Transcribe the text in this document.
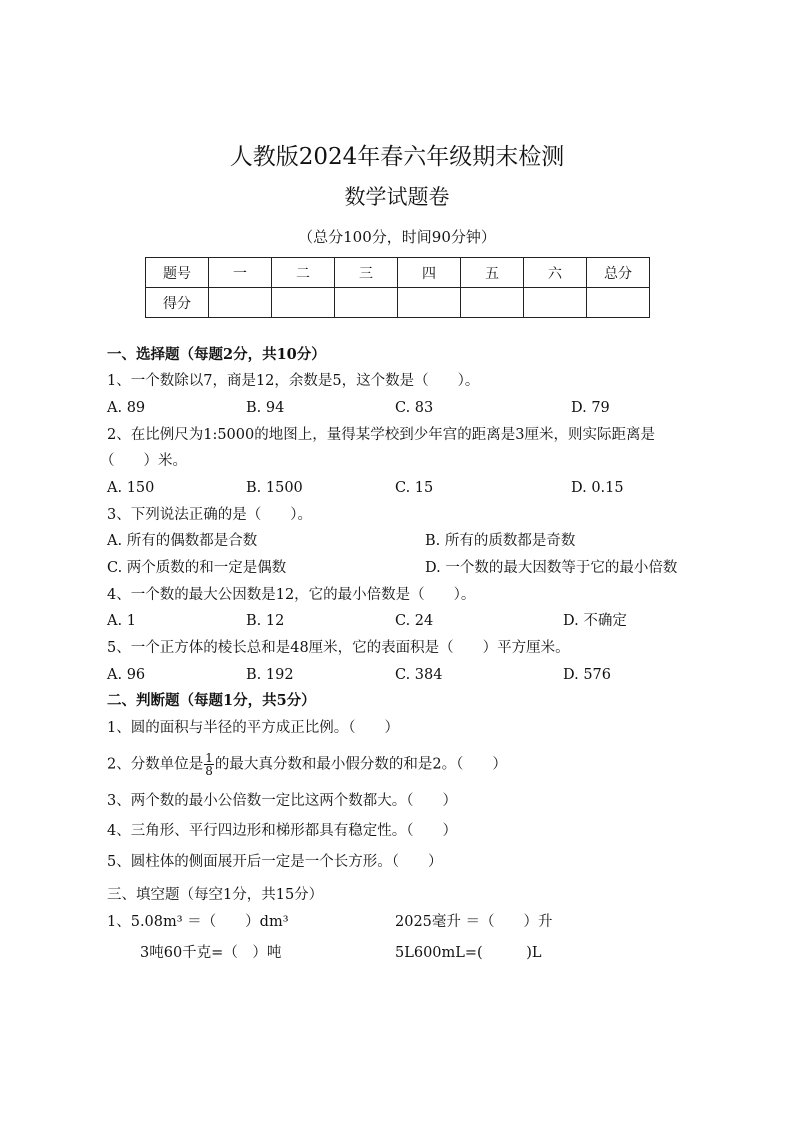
人教版2024年春六年级期末检测
数学试题卷
（总分100分，时间90分钟）
题号	一	二	三	四	五	六	总分
得分							
一、选择题（每题2分，共10分）
1、一个数除以7，商是12，余数是5，这个数是（　　）。
A. 89	B. 94	C. 83	D. 79
2、在比例尺为1:5000的地图上，量得某学校到少年宫的距离是3厘米，则实际距离是
（　　）米。
A. 150	B. 1500	C. 15	D. 0.15
3、下列说法正确的是（　　）。
A. 所有的偶数都是合数	B. 所有的质数都是奇数
C. 两个质数的和一定是偶数	D. 一个数的最大因数等于它的最小倍数
4、一个数的最大公因数是12，它的最小倍数是（　　）。
A. 1	B. 12	C. 24	D. 不确定
5、一个正方体的棱长总和是48厘米，它的表面积是（　　）平方厘米。
A. 96	B. 192	C. 384	D. 576
二、判断题（每题1分，共5分）
1、圆的面积与半径的平方成正比例。（　　）
2、分数单位是 $\frac{1}{8}$ 的最大真分数和最小假分数的和是2。（　　）
3、两个数的最小公倍数一定比这两个数都大。（　　）
4、三角形、平行四边形和梯形都具有稳定性。（　　）
5、圆柱体的侧面展开后一定是一个长方形。（　　）
三、填空题（每空1分，共15分）
1、5.08m³ ＝（　　）dm³	2025毫升 ＝（　　）升
3吨60千克=（　）吨	5L600mL=(　　　)L
